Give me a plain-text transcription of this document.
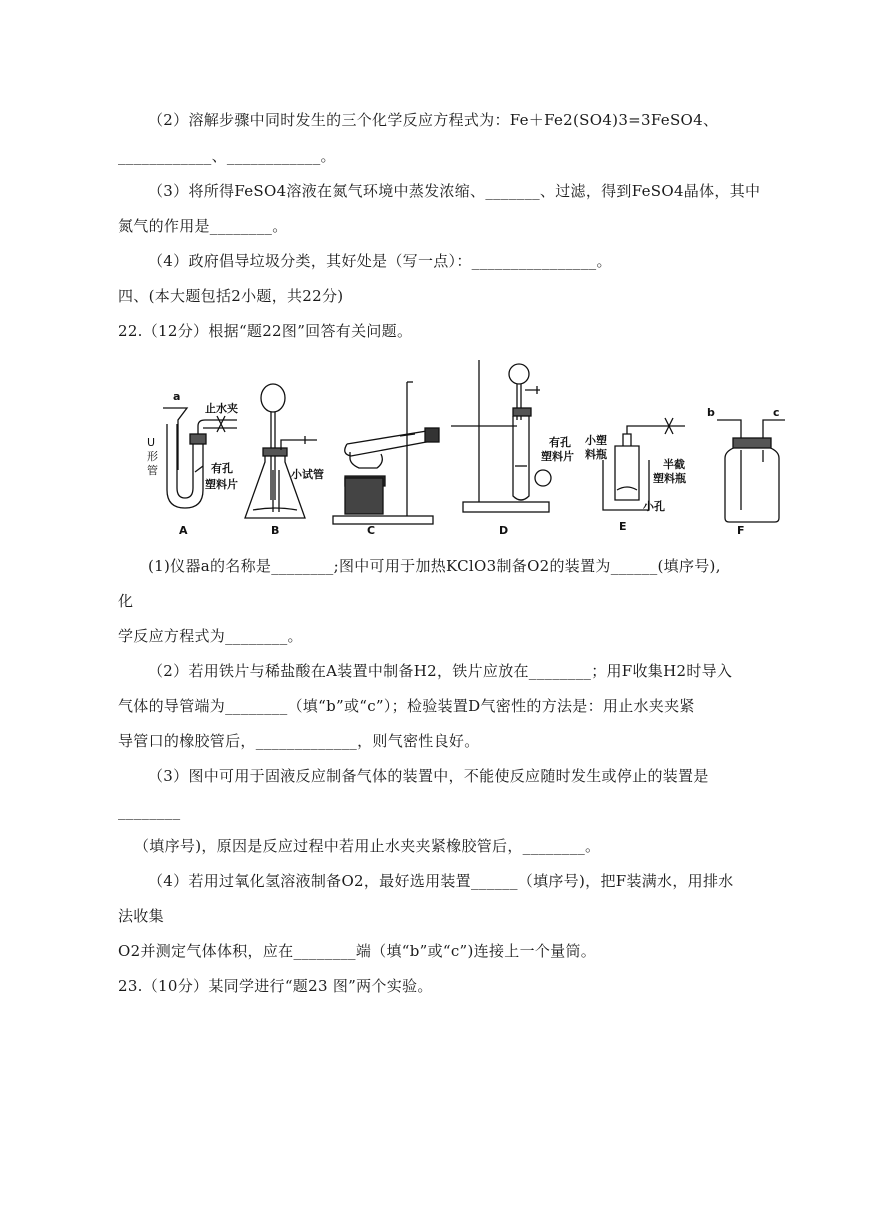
（2）溶解步骤中同时发生的三个化学反应方程式为：Fe＋Fe2(SO4)3=3FeSO4、
____________、____________。
（3）将所得FeSO4溶液在氮气环境中蒸发浓缩、_______、过滤，得到FeSO4晶体，其中
氮气的作用是________。
（4）政府倡导垃圾分类，其好处是（写一点）：________________。
四、(本大题包括2小题，共22分)
22.（12分）根据“题22图”回答有关问题。
a
止水夹
U
形
管	有孔
塑料片
小试管
有孔
塑料片
小塑
料瓶
半截
塑料瓶
小孔
b	c
A	B	C	D	E	F
(1)仪器a的名称是________;图中可用于加热KClO3制备O2的装置为______(填序号),
化
学反应方程式为________。
（2）若用铁片与稀盐酸在A装置中制备H2，铁片应放在________；用F收集H2时导入
气体的导管端为________（填“b”或“c”）；检验装置D气密性的方法是：用止水夹夹紧
导管口的橡胶管后，_____________，则气密性良好。
（3）图中可用于固液反应制备气体的装置中，不能使反应随时发生或停止的装置是
________
（填序号)，原因是反应过程中若用止水夹夹紧橡胶管后，________。
（4）若用过氧化氢溶液制备O2，最好选用装置______（填序号)，把F装满水，用排水
法收集
O2并测定气体体积，应在________端（填“b”或“c”)连接上一个量筒。
23.（10分）某同学进行“题23 图”两个实验。
